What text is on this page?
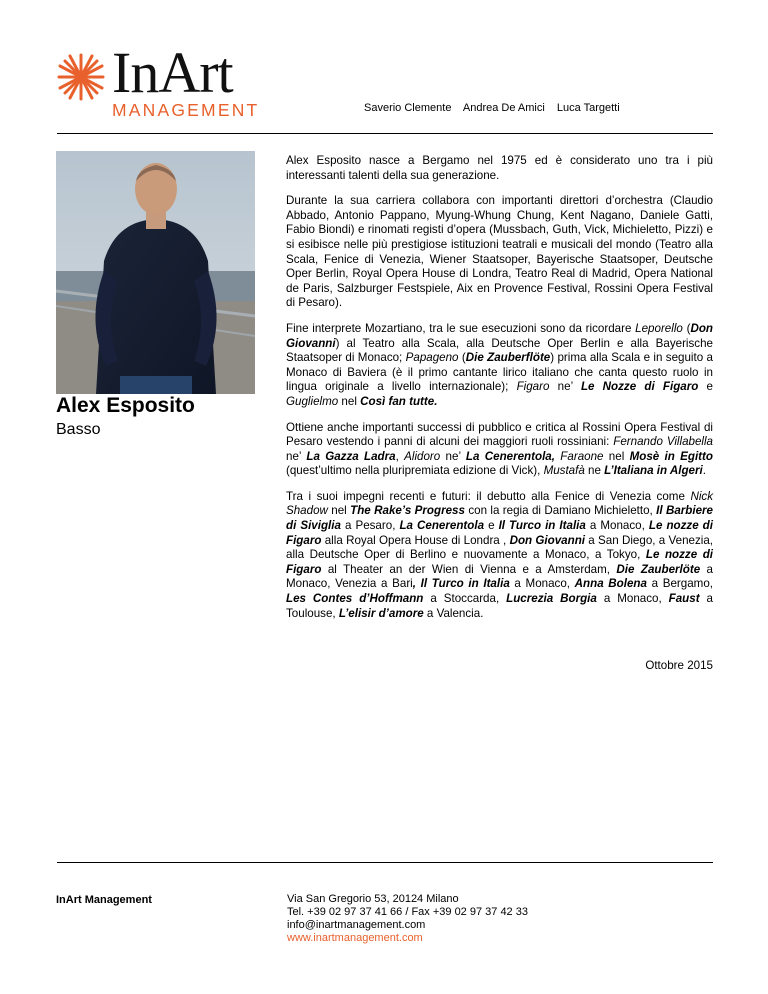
InArt
MANAGEMENT	Saverio Clemente Andrea De Amici Luca Targetti
Alex Esposito
Basso

Alex Esposito nasce a Bergamo nel 1975 ed è considerato uno tra i più interessanti talenti della sua generazione.

Durante la sua carriera collabora con importanti direttori d’orchestra (Claudio Abbado, Antonio Pappano, Myung-Whung Chung, Kent Nagano, Daniele Gatti, Fabio Biondi) e rinomati registi d’opera (Mussbach, Guth, Vick, Michieletto, Pizzi) e si esibisce nelle più prestigiose istituzioni teatrali e musicali del mondo (Teatro alla Scala, Fenice di Venezia, Wiener Staatsoper, Bayerische Staatsoper, Deutsche Oper Berlin, Royal Opera House di Londra, Teatro Real di Madrid, Opera National de Paris, Salzburger Festspiele, Aix en Provence Festival, Rossini Opera Festival di Pesaro).

Fine interprete Mozartiano, tra le sue esecuzioni sono da ricordare Leporello (Don Giovanni) al Teatro alla Scala, alla Deutsche Oper Berlin e alla Bayerische Staatsoper di Monaco; Papageno (Die Zauberflöte) prima alla Scala e in seguito a Monaco di Baviera (è il primo cantante lirico italiano che canta questo ruolo in lingua originale a livello internazionale); Figaro ne’ Le Nozze di Figaro e Guglielmo nel Così fan tutte.

Ottiene anche importanti successi di pubblico e critica al Rossini Opera Festival di Pesaro vestendo i panni di alcuni dei maggiori ruoli rossiniani: Fernando Villabella ne’ La Gazza Ladra, Alidoro ne’ La Cenerentola, Faraone nel Mosè in Egitto (quest’ultimo nella pluripremiata edizione di Vick), Mustafà ne L’Italiana in Algeri.

Tra i suoi impegni recenti e futuri: il debutto alla Fenice di Venezia come Nick Shadow nel The Rake’s Progress con la regia di Damiano Michieletto, Il Barbiere di Siviglia a Pesaro, La Cenerentola e Il Turco in Italia a Monaco, Le nozze di Figaro alla Royal Opera House di Londra , Don Giovanni a San Diego, a Venezia, alla Deutsche Oper di Berlino e nuovamente a Monaco, a Tokyo, Le nozze di Figaro al Theater an der Wien di Vienna e a Amsterdam, Die Zauberlöte a Monaco, Venezia a Bari, Il Turco in Italia a Monaco, Anna Bolena a Bergamo, Les Contes d’Hoffmann a Stoccarda, Lucrezia Borgia a Monaco, Faust a Toulouse, L’elisir d’amore a Valencia.

Ottobre 2015
InArt Management	Via San Gregorio 53, 20124 Milano
Tel. +39 02 97 37 41 66 / Fax +39 02 97 37 42 33
info@inartmanagement.com
www.inartmanagement.com
